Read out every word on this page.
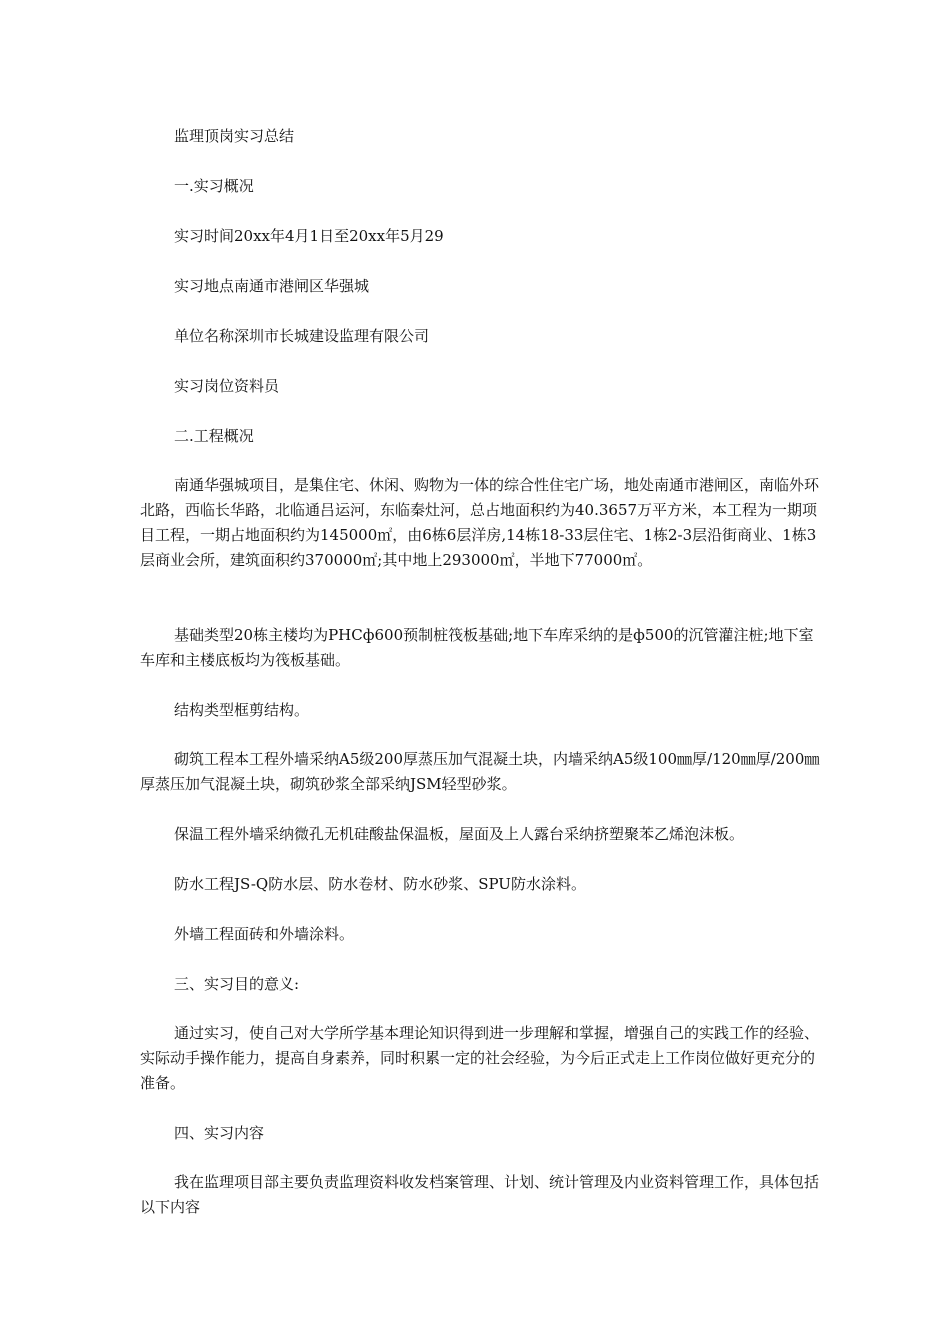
监理顶岗实习总结

一.实习概况

实习时间20xx年4月1日至20xx年5月29

实习地点南通市港闸区华强城

单位名称深圳市长城建设监理有限公司

实习岗位资料员

二.工程概况

南通华强城项目，是集住宅、休闲、购物为一体的综合性住宅广场，地处南通市港闸区，南临外环北路，西临长华路，北临通吕运河，东临秦灶河，总占地面积约为40.3657万平方米，本工程为一期项目工程，一期占地面积约为145000㎡，由6栋6层洋房,14栋18-33层住宅、1栋2-3层沿街商业、1栋3层商业会所，建筑面积约370000㎡;其中地上293000㎡，半地下77000㎡。

基础类型20栋主楼均为PHCф600预制桩筏板基础;地下车库采纳的是ф500的沉管灌注桩;地下室车库和主楼底板均为筏板基础。

结构类型框剪结构。

砌筑工程本工程外墙采纳A5级200厚蒸压加气混凝土块，内墙采纳A5级100㎜厚/120㎜厚/200㎜厚蒸压加气混凝土块，砌筑砂浆全部采纳JSM轻型砂浆。

保温工程外墙采纳微孔无机硅酸盐保温板，屋面及上人露台采纳挤塑聚苯乙烯泡沫板。

防水工程JS-Q防水层、防水卷材、防水砂浆、SPU防水涂料。

外墙工程面砖和外墙涂料。

三、实习目的意义:

通过实习，使自己对大学所学基本理论知识得到进一步理解和掌握，增强自己的实践工作的经验、实际动手操作能力，提高自身素养，同时积累一定的社会经验，为今后正式走上工作岗位做好更充分的准备。

四、实习内容

我在监理项目部主要负责监理资料收发档案管理、计划、统计管理及内业资料管理工作，具体包括以下内容
